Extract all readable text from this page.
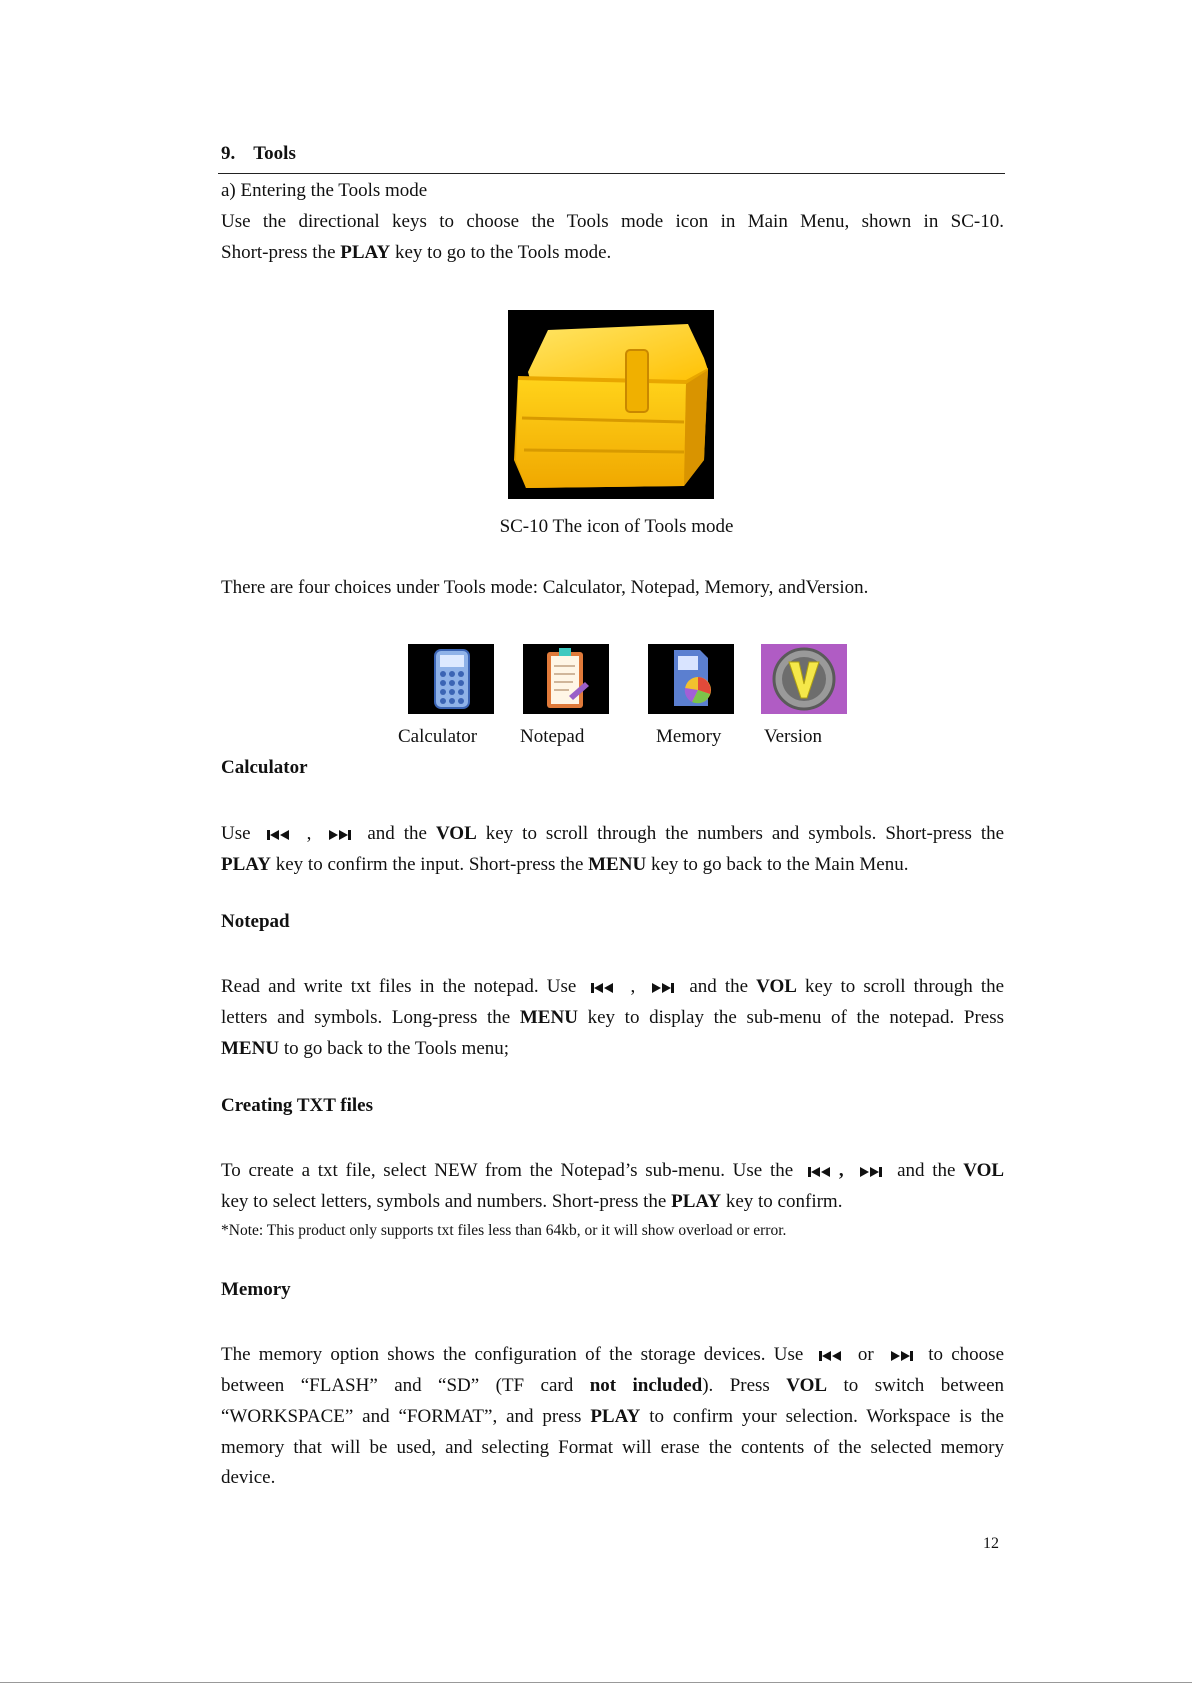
9. Tools
a) Entering the Tools mode
Use the directional keys to choose the Tools mode icon in Main Menu, shown in SC-10.
Short-press the PLAY key to go to the Tools mode.
SC-10 The icon of Tools mode
There are four choices under Tools mode: Calculator, Notepad, Memory, andVersion.
Calculator Notepad	Memory Version
Calculator
Use	,	and the VOL key to scroll through the numbers and symbols. Short-press the
PLAY key to confirm the input. Short-press the MENU key to go back to the Main Menu.
Notepad
Read and write txt files in the notepad. Use	,	and the VOL key to scroll through the
letters and symbols. Long-press the MENU key to display the sub-menu of the notepad. Press
MENU to go back to the Tools menu;
Creating TXT files
To create a txt file, select NEW from the Notepad’s sub-menu. Use the ,	and the VOL
key to select letters, symbols and numbers. Short-press the PLAY key to confirm.
*Note: This product only supports txt files less than 64kb, or it will show overload or error.
Memory
The memory option shows the configuration of the storage devices. Use	or	to choose
between “FLASH” and “SD” (TF card not included). Press VOL to switch between
“WORKSPACE” and “FORMAT”, and press PLAY to confirm your selection. Workspace is the
memory that will be used, and selecting Format will erase the contents of the selected memory
device.
12
